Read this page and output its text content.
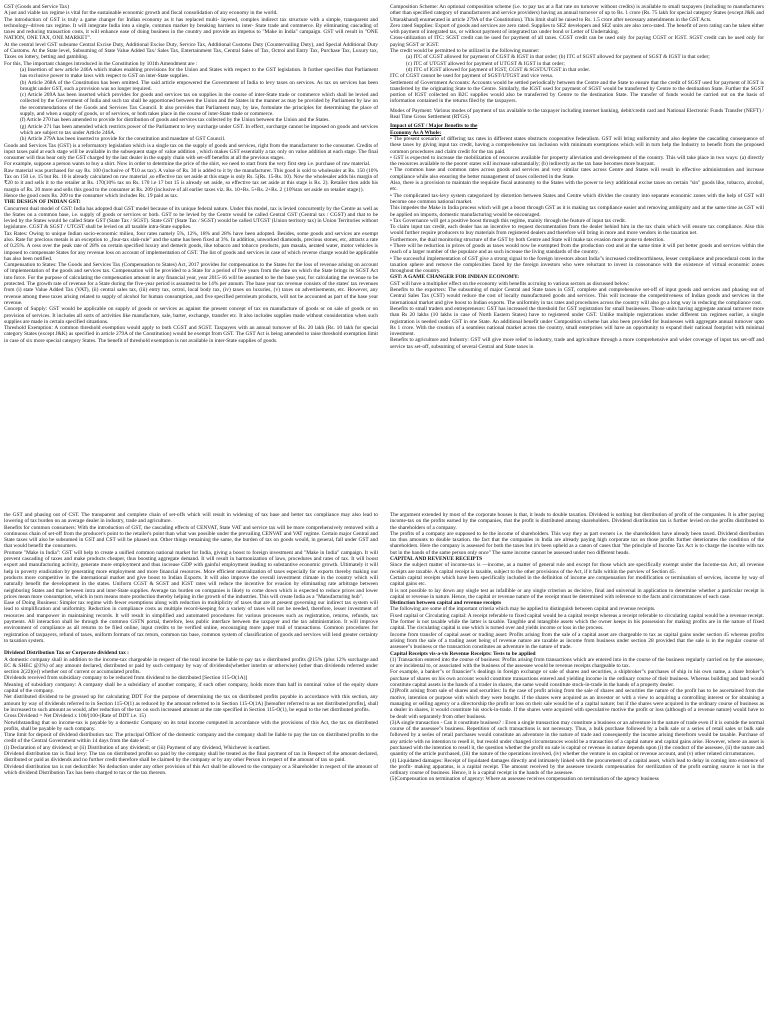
GST (Goods and Service Tax)

A just and viable tax regime is vital for the sustainable economic growth and fiscal consolidation of any economy in the world.

The introduction of GST is truly a game changer for Indian economy as it has replaced multi- layered, complex indirect tax structure with a simple, transparent and technology–driven tax regime. It will integrate India into a single, common market by breaking barriers to inter- State trade and commerce. By eliminating cascading of taxes and reducing transaction costs, it will enhance ease of doing business in the country and provide an impetus to "Make in India" campaign. GST will result in "ONE NATION, ONE TAX, ONE MARKET".

At the central level GST subsume Central Excise Duty, Additional Excise Duty, Service Tax, Additional Customs Duty (Countervailing Duty), and Special Additional Duty of Customs. At the State level, Subsuming of State Value Added Tax/ Sales Tax, Entertainment Tax, Central Sales of Tax, Octroi and Entry Tax, Purchase Tax, Luxury tax, Taxes on lottery, betting and gambling.

For this, The important changes introduced in the Constitution by 101th Amendment are :

(a) Insertion of new article 246A which makes enabling provisions for the Union and States with respect to the GST legislation. It further specifies that Parliament has exclusive power to make laws with respect to GST on inter-State supplies.

(b) Article 268A of the Constitution has been omitted. The said article empowered the Government of India to levy taxes on services. As tax on services has been brought under GST, such a provision was no longer required.

(c) Article 269A has been inserted which provides for goods and services tax on supplies in the course of inter-State trade or commerce which shall be levied and collected by the Government of India and such tax shall be apportioned between the Union and the States in the manner as may be provided by Parliament by law on the recommendations of the Goods and Services Tax Council. It also provides that Parliament may, by law, formulate the principles for determining the place of supply, and when a supply of goods, or of services, or both takes place in the course of inter-State trade or commerce.

(f) Article 270 has been amended to provide for distribution of goods and services tax collected by the Union between the Union and the States.

(g) Article 271 has been amended which restricts power of the Parliament to levy surcharge under GST. In effect, surcharge cannot be imposed on goods and services which are subject to tax under Article 246A.

(h) Article 279A has been inserted to provide for the constitution and mandate of GST Council.

Goods and Services Tax (GST) is a reformatory legislation which is a single tax on the supply of goods and services, right from the manufacturer to the consumer. Credits of input taxes paid at each stage will be available in the subsequent stage of value addition , which makes GST essentially a tax only on value addition at each stage. The final consumer will thus bear only the GST charged by the last dealer in the supply chain with set-off benefits at all the previous stages.

For example, suppose a person wants to buy a shirt. Now in order to determine the price of the shirt, we need to start from the very first step i.e. purchase of raw material.

Raw material was purchased for say Rs. 100 (inclusive of ₹10 as tax). A value of Rs. 30 is added to it by the manufacturer. This good is sold to wholesaler at Rs. 150 (10% Tax on 150 i.e. 15 but Rs. 10 is already calculated on raw material ,so effective tax set aside at this stage is only Rs. 5(Rs. 15-Rs. 10). Now the wholesaler adds his margin of ₹20 to it and sells it to the retailer at Rs. 170(10% tax on Rs. 170 i.e 17 but 15 is already set aside, so effective tax set aside at this stage is Rs. 2). Retailer then adds his margin of Rs. 20 more and sells this good to the consumer at Rs. 209 (inclusive of all earlier taxes viz. Rs. 10+Rs. 5+Rs. 2+Rs. 2 {10%tax set aside on retailer stage}).

Hence the good costs Rs. 209 to the consumer which includes Rs. 19 paid as tax.

THE DESIGN OF INDIAN GST:

Concurrent dual model of GST: India has adopted dual GST model because of its unique federal nature. Under this model, tax is levied concurrently by the Centre as well as the States on a common base, i.e. supply of goods or services or both. GST to be levied by the Centre would be called Central GST (Central tax / CGST) and that to be levied by the States would be called State GST (State Tax / SGST). State GST (State Tax / SGST) would be called UTGST (Union territory tax) in Union Territories without legislature. CGST & SGST / UTGST shall be levied on all taxable intra-State supplies.

Tax Rates: Owing to unique Indian socio-economic milieu, four rates namely 5%, 12%, 18% and 28% have been adopted. Besides, some goods and services are exempt also. Rate for precious metals is an exception to „four-tax slab-rule" and the same has been fixed at 3%. In addition, unworked diamonds, precious stones, etc, attracts a rate of 0.25%. A cess over the peak rate of 28% on certain specified luxury and demerit goods, like tobacco and tobacco products, pan masala, aerated water, motor vehicles is imposed to compensate States for any revenue loss on account of implementation of GST. The list of goods and services in case of which reverse charge would be applicable has also been notified.

Compensation to States: The Goods and Services Tax (Compensation to States) Act, 2017 provides for compensation to the States for the loss of revenue arising on account of implementation of the goods and services tax. Compensation will be provided to a State for a period of five years from the date on which the State brings its SGST Act into force. For the purpose of calculating the compensation amount in any financial year, year 2015-16 will be assumed to be the base year, for calculating the revenue to be protected. The growth rate of revenue for a State during the five-year period is assumed to be 14% per annum. The base year tax revenue consists of the states' tax revenues from (i) state Value Added Tax (VAT), (ii) central sales tax, (iii) entry tax, octroi, local body tax, (iv) taxes on luxuries, (v) taxes on advertisements, etc. However, any revenue among these taxes arising related to supply of alcohol for human consumption, and five specified petroleum products, will not be accounted as part of the base year revenue.

Concept of Supply: GST would be applicable on supply of goods or services as against the present concept of tax on manufacture of goods or on sale of goods or on provision of services. It includes all sorts of activities like manufacture, sale, barter, exchange, transfer etc. It also includes supplies made without consideration when such supplies are made in certain specified situations.

Threshold Exemption: A common threshold exemption would apply to both CGST and SGST. Taxpayers with an annual turnover of Rs. 20 lakh (Rs. 10 lakh for special category States (except J&K) as specified in article 279A of the Constitution) would be exempt from GST. The GST Act is being amended to raise threshold exemption limit in case of six more special category States. The benefit of threshold exemption is not available in inter-State supplies of goods.

Composition Scheme: An optional composition scheme (i.e. to pay tax at a flat rate on turnover without credits) is available to small taxpayers (including to manufacturers other than specified category of manufacturers and service providers) having an annual turnover of up to Rs. 1 crore (Rs. 75 lakh for special category States (except J&K and Uttarakhand) enumerated in article 279A of the Constitution). This limit shall be raised to Rs. 1.5 crore after necessary amendments in the GST Acts.

Zero rated Supplies: Export of goods and services are zero rated. Supplies to SEZ developers and SEZ units are also zero-rated. The benefit of zero rating can be taken either with payment of integrated tax, or without payment of integrated tax under bond or Letter of Undertaking.

Cross-utilization of ITC: SGST credit can be used for payment of all taxes. CGST credit can be used only for paying CGST or IGST. SGST credit can be used only for paying SGST or IGST.

The credit would be permitted to be utilized in the following manner:

(a) ITC of CGST allowed for payment of CGST & IGST in that order; (b) ITC of SGST allowed for payment of SGST & IGST in that order;

(c) ITC of UTGST allowed for payment of UTGST & IGST in that order;

(d) ITC of IGST allowed for payment of IGST, CGST & SGST/UTGST in that order.

ITC of CGST cannot be used for payment of SGST/UTGST and vice versa.

Settlement of Government Accounts: Accounts would be settled periodically between the Centre and the State to ensure that the credit of SGST used for payment of IGST is transferred by the originating State to the Centre. Similarly, the IGST used for payment of SGST would be transferred by Centre to the destination State. Further the SGST portion of IGST collected on B2C supplies would also be transferred by Centre to the destination State. The transfer of funds would be carried out on the basis of information contained in the returns filed by the taxpayers.

Modes of Payment: Various modes of payment of tax available to the taxpayer including internet banking, debit/credit card and National Electronic Funds Transfer (NEFT) / Real Time Gross Settlement (RTGS).

Impact of GST / Major Benefits to the

Economy As A Whole:

• The present scenario of differing tax rates in different states obstructs cooperative federalism. GST will bring uniformity and also deplete the cascading consequence of these taxes by giving input tax credit, having a comprehensive tax inclusion with minimum exemptions which will in turn help the Industry to benefit from the proposed common procedures and claim credit for the tax paid.

• GST is expected to increase the mobilization of resources available for property alleviation and development of the country. This will take place in two ways: (a) directly the resources available to the poorer states will increase substantially; (b) indirectly as the tax base becomes more buoyant.

• The common base and common rates across goods and services and very similar rates across Centre and States will result in effective administration and increase compliance while also ensuring the better management of taxes collected in the State.

Also, there is a provision to maintain the requisite fiscal autonomy to the States with the power to levy additional excise taxes on certain "sin" goods like, tobacco, alcohol, etc.

• The complicated tax-levy system categorized by distortion between States and Centre which divides the country into separate economic zones with the help of GST will become one common national market.

This impedes the Make in India process which will get a boost through GST as it is making tax compliance easier and removing ambiguity and at the same time as GST will be applied on imports, domestic manufacturing would be encouraged.

• Tax Governance will get a positive boost through this regime, mainly through the feature of input tax credit.

To claim input tax credit, each dealer has an incentive to request documentation from the dealer behind him in the tax chain which will ensure tax compliance. Also this would further require producers to buy materials from registered dealers and therefore will bring in more and more vendors in the taxation net.

Furthermore, the dual monitoring structure of the GST by both Centre and State will make tax evasion more prone to detection.

• There will be reduction in prices of goods as taxes would now be exempted from the production cost and at the same time it will put better goods and services within the reach of a larger number of the populace and as such increase the living standards of the country.

• The successful implementation of GST give a strong signal to the foreign investors about India"s increased creditworthiness, lesser compliance and procedural costs in the taxation sphere and remove the complexities faced by the foreign investors who were reluctant to invest in consonance with the existence of virtual economic zones throughout the country.

GST: A GAME CHANGER FOR INDIAN ECONOMY:

GST will have a multiplier effect on the economy with benefits accruing to various sectors as discussed below:

Benefits to the exporters: The subsuming of major Central and State taxes in GST, complete and comprehensive set-off of input goods and services and phasing out of Central Sales Tax (CST) would reduce the cost of locally manufactured goods and services. This will increase the competitiveness of Indian goods and services in the international market and give boost to Indian exports. The uniformity in tax rates and procedures across the country will also go a long way in reducing the compliance cost.

Benefits to small traders and entrepreneurs: GST has increased the threshold for GST registration for small businesses. Those units having aggregate annual turnover more than Rs 20 lakhs (10 lakhs in case of North Eastern States) have to registered under GST. Unlike multiple registrations under different tax regimes earlier, a single registration is needed under GST in one State. An additional benefit under Composition scheme has also been provided for businesses with aggregate annual turnover upto Rs 1 crore. With the creation of a seamless national market across the country, small enterprises will have an opportunity to expand their national footprint with minimal investment.

Benefits to agriculture and Industry: GST will give more relief to industry, trade and agriculture through a more comprehensive and wider coverage of input tax set-off and service tax set-off, subsuming of several Central and State taxes in

the GST and phasing out of CST. The transparent and complete chain of set-offs which will result in widening of tax base and better tax compliance may also lead to lowering of tax burden on an average dealer in industry, trade and agriculture.

Benefits for common consumers: With the introduction of GST, the cascading effects of CENVAT, State VAT and service tax will be more comprehensively removed with a continuous chain of set-off from the producer's point to the retailer's point than what was possible under the prevailing CENVAT and VAT regime. Certain major Central and State taxes will also be subsumed in GST and CST will be phased out. Other things remaining the same, the burden of tax on goods would, in general, fall under GST and that would benefit the consumers.

Promote "Make in India": GST will help to create a unified common national market for India, giving a boost to foreign investment and "Make in India" campaign. It will prevent cascading of taxes and make products cheaper, thus boosting aggregate demand. It will result in harmonization of laws, procedures and rates of tax. It will boost export and manufacturing activity, generate more employment and thus increase GDP with gainful employment leading to substantive economic growth. Ultimately it will help in poverty eradication by generating more employment and more financial resources. More efficient neutralization of taxes especially for exports thereby making our products more competitive in the international market and give boost to Indian Exports. It will also improve the overall investment climate in the country which will naturally benefit the development in the states. Uniform CGST & SGST and IGST rates will reduce the incentive for evasion by eliminating rate arbitrage between neighboring States and that between intra and inter-State supplies. Average tax burden on companies is likely to come down which is expected to reduce prices and lower prices mean more consumption, which in turn means more production thereby helping in the growth of the industries. This will create India as a "Manufacturing hub".

Ease of Doing Business: Simpler tax regime with fewer exemptions along with reduction in multiplicity of taxes that are at present governing our indirect tax system will lead to simplification and uniformity. Reduction in compliance costs as multiple record-keeping for a variety of taxes will not be needed, therefore, lesser investment of resources and manpower in maintaining records. It will result in simplified and automated procedures for various processes such as registration, returns, refunds, tax payments. All interaction shall be through the common GSTN portal, therefore, less public interface between the taxpayer and the tax administration. It will improve environment of compliance as all returns to be filed online, input credits to be verified online, encouraging more paper trail of transactions. Common procedures for registration of taxpayers, refund of taxes, uniform formats of tax return, common tax base, common system of classification of goods and services will lend greater certainty to taxation system.

Dividend Distribution Tax or Corporate dividend tax :

A domestic company shall in addition to the income-tax chargeable in respect of the total income be liable to pay tax o distributed profits @15% (plus 12% surcharge and EC & SHEC @3%) of any amount declared, distributed or paid by such company by way of dividends(whether interim or otherwise) (other than dividends referred under section 2(22)(e)) whether out of current or accumulated profits.

Dividends received from subsidiary company to be reduced from dividend to be distributed [Section 115-O(1A)]

Meaning of subsidiary company: A company shall be a subsidiary of another company, if such other company, holds more than half in nominal value of the equity share capital of the company.

Net distributed dividend to be grossed up for calculating DDT For the purpose of determining the tax on distributed profits payable in accordance with this section, any amount by way of dividends referred to in Section 115-O(1) as reduced by the amount referred to in Section 115-O(1A) [hereafter referred to as net distributed profits], shall be increased to such amount as would, after reduction of the tax on such increased amount at the rate specified in Section 115-O(1), be equal to the net distributed profits.

Gross Dividend = Net Dividend x 100/[100-(Rate of DDT i.e. 15)

Notwithstanding that no income-tax is payable by a domestic Company on its total income computed in accordance with the provisions of this Act, the tax on distributed profits, shall be payable by such company.

Time limit for deposit of dividend distribution tax: The principal Officer of the domestic company and the company shall be liable to pay the tax on distributed profits to the credit of the Central Government within 14 days from the date of –

(i) Declaration of any dividend; or (ii) Distribution of any dividend; or (iii) Payment of any dividend, Whichever is earliest.

Dividend distribution tax is final levy: The tax on distributed profits so paid by the company shall be treated as the final payment of tax in Respect of the amount declared, distributed or paid as dividends and no further credit therefore shall be claimed by the company or by any other Person in respect of the amount of tax so paid.

Dividend distribution tax is not deductible: No deduction under any other provision of this Act shall be allowed to the company or a Shareholder in respect of the amount of which dividend Distribution Tax has been charged to tax or the tax thereon.

The argument extended by most of the corporate houses is that, it leads to double taxation. Dividend is nothing but distribution of profit of the companies. It is after paying income-tax on the profits earned by the companies, that the profit is distributed among shareholders. Dividend distribution tax is further levied on the profits distributed to the shareholders of a company.

The profits of a company are supposed to be the income of shareholders. This way they as part owners i.e. the shareholders have already been taxed. Dividend distribution tax thus amounts to double taxation. the fact that the companies in India are already paying high corporate tax on those profits further deteriorates the condition of the shareholders. Here the company is assessed for both the taxes but it's been upheld as a canon of cases that "the principle of Income Tax Act is to charge the income with tax but in the hands of the same person only once" The same income cannot be assessed under two different heads.

CAPITAL AND REVENUE RECEIPTS

Since the subject matter of income-tax is —income, as a matter of general rule and except for those which are specifically exempt under the Income-tax Act, all revenue receipts are taxable. A capital receipt is taxable, subject to the other provisions of the Act, if it falls within the purview of Section 45.

Certain capital receipts which have been specifically included in the definition of income are compensation for modification or termination of services, income by way of capital gains etc.

It is not possible to lay down any single test as infallible or any single criterion as decisive, final and universal in application to determine whether a particular receipt is capital or revenue in nature. Hence, the capital or revenue nature of the receipt must be determined with reference to the facts and circumstances of each case.

Distinction between capital and revenue receipts

The following are some of the important criteria which may be applied to distinguish between capital and revenue receipts.

Fixed capital or Circulating capital: A receipt referable to fixed capital would be a capital receipt whereas a receipt referable to circulating capital would be a revenue receipt. The former is not taxable while the latter is taxable. Tangible and intangible assets which the owner keeps in his possession for making profits are in the nature of fixed capital. The circulating capital is one which is turned over and yields income or loss in the process.

Income from transfer of capital asset or trading asset: Profits arising from the sale of a capital asset are chargeable to tax as capital gains under section 45 whereas profits arising from the sale of a trading asset being of revenue nature are taxable as income from business under section 28 provided that the sale is in the regular course of assessee"s business or the transaction constitutes an adventure in the nature of trade.

Capital Receipts vis-a-vis Revenue Receipts: Tests to be applied

(1) Transaction entered into the course of business: Profits arising from transactions which are entered into in the course of the business regularly carried on by the assessee, or are incidental to, or associated with the business of the assessee would be revenue receipts chargeable to tax.

For example, a banker"s or financier"s dealings in foreign exchange or sale of shares and securities, a shipbroker"s purchases of ship in his own name, a share broker"s purchase of shares on his own account would constitute transactions entered and yielding income in the ordinary course of their business. Whereas building and land would constitute capital assets in the hands of a trader in shares, the same would constitute stock-in-trade in the hands of a property dealer.

(2)Profit arising from sale of shares and securities: In the case of profit arising from the sale of shares and securities the nature of the profit has to be ascertained from the motive, intention or purpose with which they were bought. if the shares were acquired as an investor or with a view to acquiring a controlling interest or for obtaining a managing or selling agency or a directorship the profit or loss on their sale would be of a capital nature; but if the shares were acquired in the ordinary course of business as a dealer in shares, it would constitute his stock-in-trade. If the shares were acquired with speculative motive the profit or loss (although of a revenue nature) would have to be dealt with separately from other business.

(3)A single transaction - Can it constitute business? : Even a single transaction may constitute a business or an adventure in the nature of trade even if it is outside the normal course of the assessee"s business. Repetition of such transactions is not necessary. Thus, a bulk purchase followed by a bulk sale or a series of retail sales or bulk sale followed by a series of retail purchases would constitute an adventure in the nature of trade and consequently the income arising therefrom would be taxable. Purchase of any article with no intention to resell it, but resold under changed circumstances would be a transaction of a capital nature and capital gains arise. However, where an asset is purchased with the intention to resell it, the question whether the profit on sale is capital or revenue in nature depends upon (i) the conduct of the assessee, (ii) the nature and quantity of the article purchased, (iii) the nature of the operations involved, (iv) whether the venture is on capital or revenue account, and (v) other related circumstances.

(4) Liquidated damages: Receipt of liquidated damages directly and intimately linked with the procurement of a capital asset, which lead to delay in coming into existence of the profit- making apparatus, is a capital receipt. The amount received by the assessee towards compensation for sterilization of the profit earning source is not in the ordinary course of business. Hence, it is a capital receipt in the hands of the assessee.

(5)Compensation on termination of agency: Where an assessee receives compensation on termination of the agency business
